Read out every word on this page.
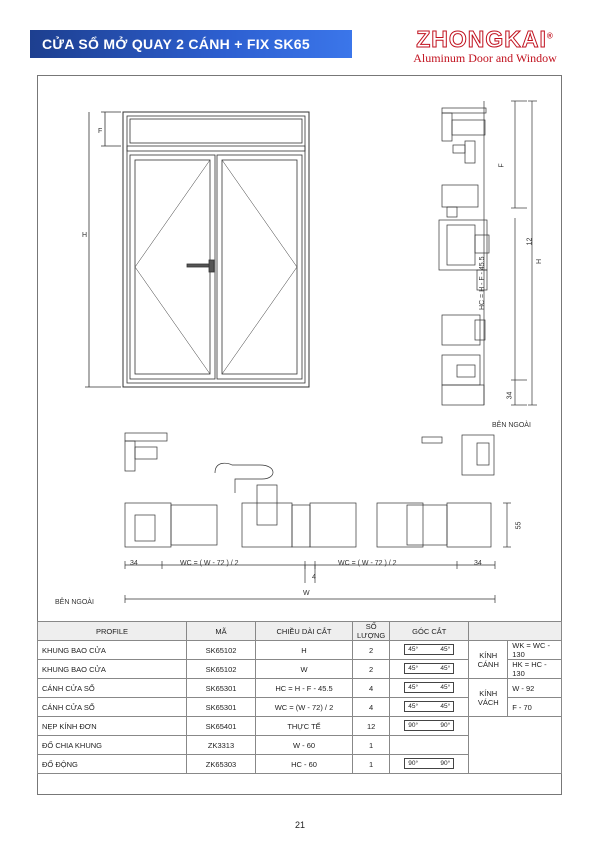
CỬA SỔ MỞ QUAY 2 CÁNH + FIX SK65	ZHONGKAI®
Aluminum Door and Window
F
H
F
12
H
HC = H - F - 45.5
34
BÊN NGOÀI
34	WC = ( W - 72 ) / 2	WC = ( W - 72 ) / 2	34
4
W
55
BÊN NGOÀI
PROFILE	MÃ	CHIỀU DÀI CẮT	SỐ LƯỢNG	GÓC CẮT		
KHUNG BAO CỬA	SK65102	H	2	45° 45°	KÍNH CÁNH	WK = WC - 130
KHUNG BAO CỬA	SK65102	W	2	45° 45°		HK = HC - 130
CÁNH CỬA SỔ	SK65301	HC = H - F - 45.5	4	45° 45°	KÍNH VÁCH	W - 92
CÁNH CỬA SỔ	SK65301	WC = (W - 72) / 2	4	45° 45°		F - 70
NẸP KÍNH ĐƠN	SK65401	THỰC TẾ	12	90° 90°		

ĐỐ CHIA KHUNG	ZK3313	W - 60	1			
ĐỐ ĐỘNG	ZK65303	HC - 60	1	90° 90°		
21
